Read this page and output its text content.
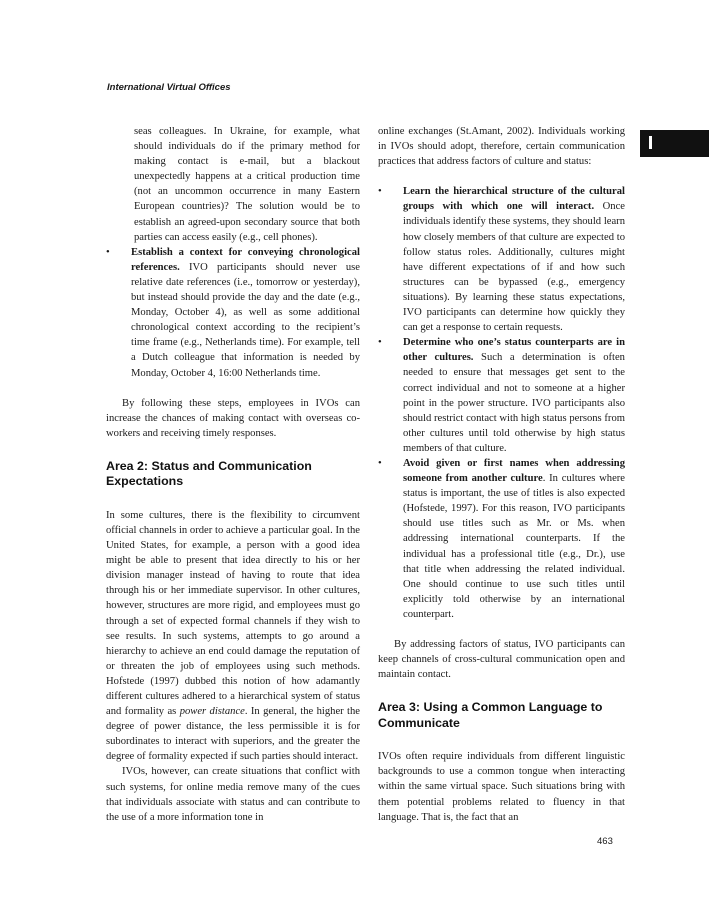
International Virtual Offices

seas colleagues. In Ukraine, for example, what should individuals do if the primary method for making contact is e-mail, but a blackout unexpectedly happens at a critical production time (not an uncommon occurrence in many Eastern European countries)? The solution would be to establish an agreed-upon secondary source that both parties can access easily (e.g., cell phones).

• Establish a context for conveying chronological references. IVO participants should never use relative date references (i.e., tomorrow or yesterday), but instead should provide the day and the date (e.g., Monday, October 4), as well as some additional chronological context according to the recipient’s time frame (e.g., Netherlands time). For example, tell a Dutch colleague that information is needed by Monday, October 4, 16:00 Netherlands time.

By following these steps, employees in IVOs can increase the chances of making contact with overseas co-workers and receiving timely responses.

Area 2: Status and Communication Expectations

In some cultures, there is the flexibility to circumvent official channels in order to achieve a particular goal. In the United States, for example, a person with a good idea might be able to present that idea directly to his or her division manager instead of having to route that idea through his or her immediate supervisor. In other cultures, however, structures are more rigid, and employees must go through a set of expected formal channels if they wish to see results. In such systems, attempts to go around a hierarchy to achieve an end could damage the reputation of or threaten the job of employees using such methods. Hofstede (1997) dubbed this notion of how adamantly different cultures adhered to a hierarchical system of status and formality as power distance. In general, the higher the degree of power distance, the less permissible it is for subordinates to interact with superiors, and the greater the degree of formality expected if such parties should interact.

IVOs, however, can create situations that conflict with such systems, for online media remove many of the cues that individuals associate with status and can contribute to the use of a more information tone in

online exchanges (St.Amant, 2002). Individuals working in IVOs should adopt, therefore, certain communication practices that address factors of culture and status:

• Learn the hierarchical structure of the cultural groups with which one will interact. Once individuals identify these systems, they should learn how closely members of that culture are expected to follow status roles. Additionally, cultures might have different expectations of if and how such structures can be bypassed (e.g., emergency situations). By learning these status expectations, IVO participants can determine how quickly they can get a response to certain requests.
• Determine who one’s status counterparts are in other cultures. Such a determination is often needed to ensure that messages get sent to the correct individual and not to someone at a higher point in the power structure. IVO participants also should restrict contact with high status persons from other cultures until told otherwise by high status members of that culture.
• Avoid given or first names when addressing someone from another culture. In cultures where status is important, the use of titles is also expected (Hofstede, 1997). For this reason, IVO participants should use titles such as Mr. or Ms. when addressing international counterparts. If the individual has a professional title (e.g., Dr.), use that title when addressing the related individual. One should continue to use such titles until explicitly told otherwise by an international counterpart.

By addressing factors of status, IVO participants can keep channels of cross-cultural communication open and maintain contact.

Area 3: Using a Common Language to Communicate

IVOs often require individuals from different linguistic backgrounds to use a common tongue when interacting within the same virtual space. Such situations bring with them potential problems related to fluency in that language. That is, the fact that an

463
